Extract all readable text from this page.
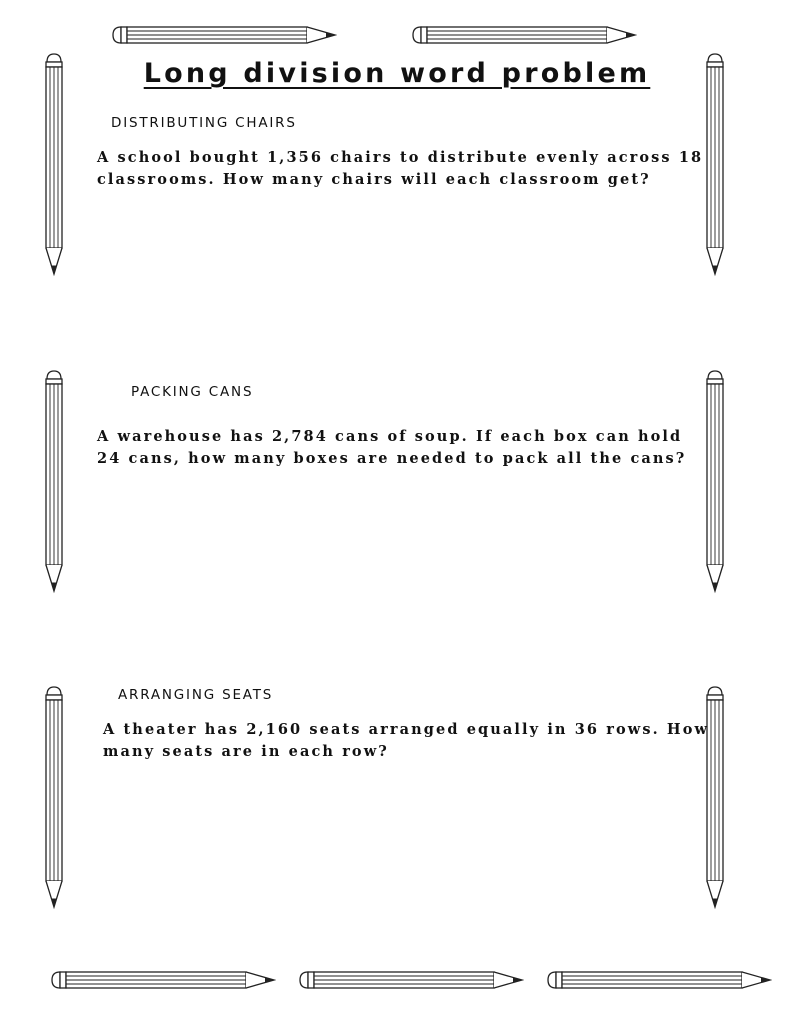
Long division word problem
DISTRIBUTING CHAIRS
A school bought 1,356 chairs to distribute evenly across 18
classrooms. How many chairs will each classroom get?
PACKING CANS
A warehouse has 2,784 cans of soup. If each box can hold
24 cans, how many boxes are needed to pack all the cans?
ARRANGING SEATS
A theater has 2,160 seats arranged equally in 36 rows. How
many seats are in each row?
